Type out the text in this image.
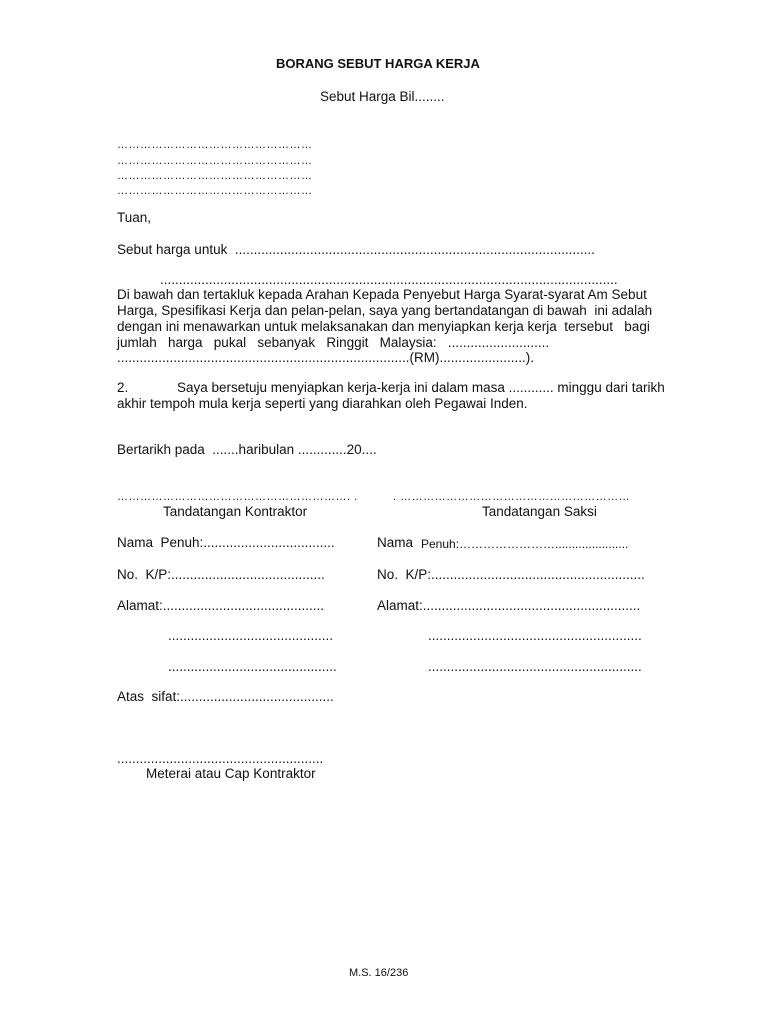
BORANG SEBUT HARGA KERJA
Sebut Harga Bil........
……………………………………………
……………………………………………
……………………………………………
……………………………………………
Tuan,
Sebut harga untuk  ................................................................................................
..........................................................................................................................
Di bawah dan tertakluk kepada Arahan Kepada Penyebut Harga Syarat-syarat Am Sebut
Harga, Spesifikasi Kerja dan pelan-pelan, saya yang bertandatangan di bawah  ini adalah
dengan ini menawarkan untuk melaksanakan dan menyiapkan kerja kerja  tersebut   bagi
jumlah   harga   pukal   sebanyak   Ringgit   Malaysia:   ...........................
..............................................................................(RM).......................).
2.	Saya bersetuju menyiapkan kerja-kerja ini dalam masa ............ minggu dari tarikh
akhir tempoh mula kerja seperti yang diarahkan oleh Pegawai Inden.
Bertarikh pada  .......haribulan .............20....
……………………………………………………. .	. ……………………………………………………
Tandatangan Kontraktor	Tandatangan Saksi
Nama  Penuh:...................................	Nama Penuh:……………………......................
No.  K/P:.........................................	No.  K/P:.........................................................
Alamat:...........................................	Alamat:..........................................................
............................................	.........................................................
.............................................	.........................................................
Atas  sifat:.........................................
.......................................................
Meterai atau Cap Kontraktor
M.S. 16/236
